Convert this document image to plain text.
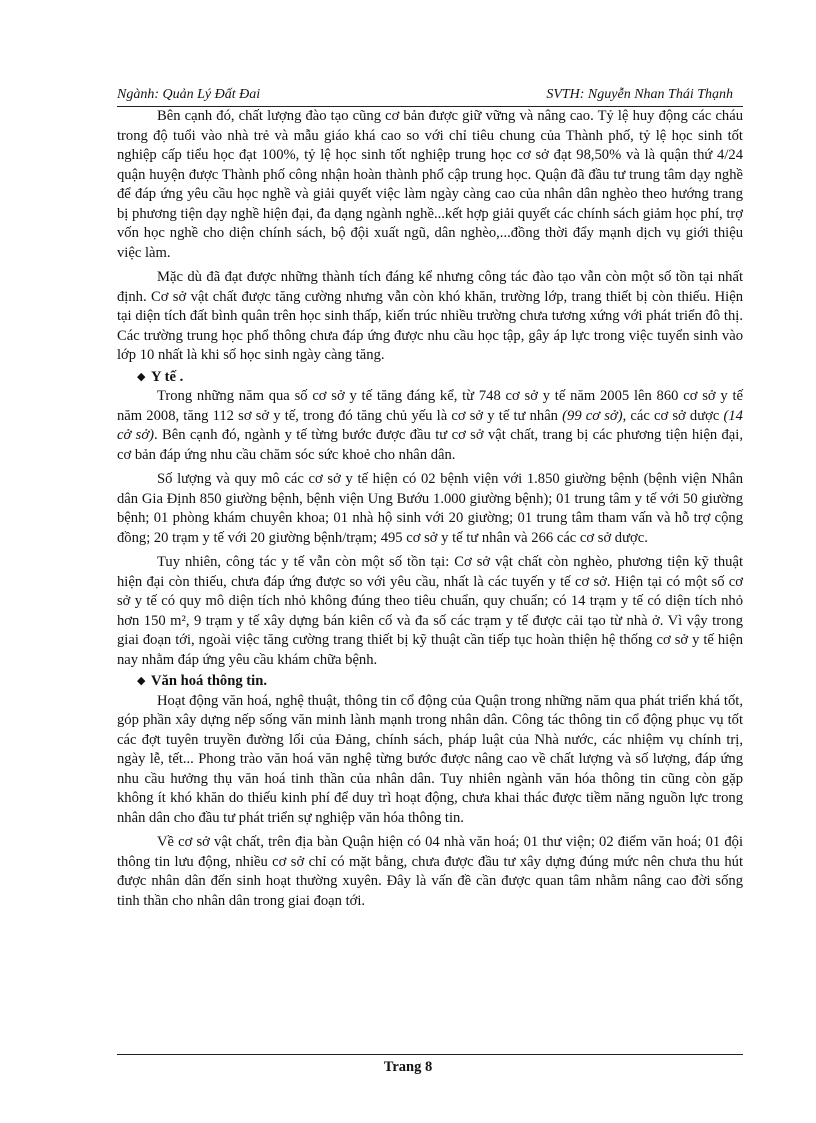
Ngành: Quản Lý Đất Đai	SVTH: Nguyễn Nhan Thái Thạnh

Bên cạnh đó, chất lượng đào tạo cũng cơ bản được giữ vững và nâng cao. Tỷ lệ huy động các cháu trong độ tuổi vào nhà trẻ và mẫu giáo khá cao so với chỉ tiêu chung của Thành phố, tỷ lệ học sinh tốt nghiệp cấp tiểu học đạt 100%, tỷ lệ học sinh tốt nghiệp trung học cơ sở đạt 98,50% và là quận thứ 4/24 quận huyện được Thành phố công nhận hoàn thành phổ cập trung học. Quận đã đầu tư trung tâm dạy nghề để đáp ứng yêu cầu học nghề và giải quyết việc làm ngày càng cao của nhân dân nghèo theo hướng trang bị phương tiện dạy nghề hiện đại, đa dạng ngành nghề...kết hợp giải quyết các chính sách giảm học phí, trợ vốn học nghề cho diện chính sách, bộ đội xuất ngũ, dân nghèo,...đồng thời đẩy mạnh dịch vụ giới thiệu việc làm.

Mặc dù đã đạt được những thành tích đáng kể nhưng công tác đào tạo vẫn còn một số tồn tại nhất định. Cơ sở vật chất được tăng cường nhưng vẫn còn khó khăn, trường lớp, trang thiết bị còn thiếu. Hiện tại diện tích đất bình quân trên học sinh thấp, kiến trúc nhiều trường chưa tương xứng với phát triển đô thị. Các trường trung học phổ thông chưa đáp ứng được nhu cầu học tập, gây áp lực trong việc tuyển sinh vào lớp 10 nhất là khi số học sinh ngày càng tăng.

◆ Y tế .

Trong những năm qua số cơ sở y tế tăng đáng kể, từ 748 cơ sở y tế năm 2005 lên 860 cơ sở y tế năm 2008, tăng 112 sơ sở y tế, trong đó tăng chủ yếu là cơ sở y tế tư nhân (99 cơ sở), các cơ sở dược (14 cở sở). Bên cạnh đó, ngành y tế từng bước được đầu tư cơ sở vật chất, trang bị các phương tiện hiện đại, cơ bản đáp ứng nhu cầu chăm sóc sức khoẻ cho nhân dân.

Số lượng và quy mô các cơ sở y tế hiện có 02 bệnh viện với 1.850 giường bệnh (bệnh viện Nhân dân Gia Định 850 giường bệnh, bệnh viện Ung Bướu 1.000 giường bệnh); 01 trung tâm y tế với 50 giường bệnh; 01 phòng khám chuyên khoa; 01 nhà hộ sinh với 20 giường; 01 trung tâm tham vấn và hỗ trợ cộng đồng; 20 trạm y tế với 20 giường bệnh/trạm; 495 cơ sở y tế tư nhân và 266 các cơ sở dược.

Tuy nhiên, công tác y tế vẫn còn một số tồn tại: Cơ sở vật chất còn nghèo, phương tiện kỹ thuật hiện đại còn thiếu, chưa đáp ứng được so với yêu cầu, nhất là các tuyến y tế cơ sở. Hiện tại có một số cơ sở y tế có quy mô diện tích nhỏ không đúng theo tiêu chuẩn, quy chuẩn; có 14 trạm y tế có diện tích nhỏ hơn 150 m², 9 trạm y tế xây dựng bán kiên cố và đa số các trạm y tế được cải tạo từ nhà ở. Vì vậy trong giai đoạn tới, ngoài việc tăng cường trang thiết bị kỹ thuật cần tiếp tục hoàn thiện hệ thống cơ sở y tế hiện nay nhằm đáp ứng yêu cầu khám chữa bệnh.

◆ Văn hoá thông tin.

Hoạt động văn hoá, nghệ thuật, thông tin cổ động của Quận trong những năm qua phát triển khá tốt, góp phần xây dựng nếp sống văn minh lành mạnh trong nhân dân. Công tác thông tin cổ động phục vụ tốt các đợt tuyên truyền đường lối của Đảng, chính sách, pháp luật của Nhà nước, các nhiệm vụ chính trị, ngày lễ, tết... Phong trào văn hoá văn nghệ từng bước được nâng cao về chất lượng và số lượng, đáp ứng nhu cầu hưởng thụ văn hoá tinh thần của nhân dân. Tuy nhiên ngành văn hóa thông tin cũng còn gặp không ít khó khăn do thiếu kinh phí để duy trì hoạt động, chưa khai thác được tiềm năng nguồn lực trong nhân dân cho đầu tư phát triển sự nghiệp văn hóa thông tin.

Về cơ sở vật chất, trên địa bàn Quận hiện có 04 nhà văn hoá; 01 thư viện; 02 điểm văn hoá; 01 đội thông tin lưu động, nhiều cơ sở chỉ có mặt bằng, chưa được đầu tư xây dựng đúng mức nên chưa thu hút được nhân dân đến sinh hoạt thường xuyên. Đây là vấn đề cần được quan tâm nhằm nâng cao đời sống tinh thần cho nhân dân trong giai đoạn tới.

Trang 8
